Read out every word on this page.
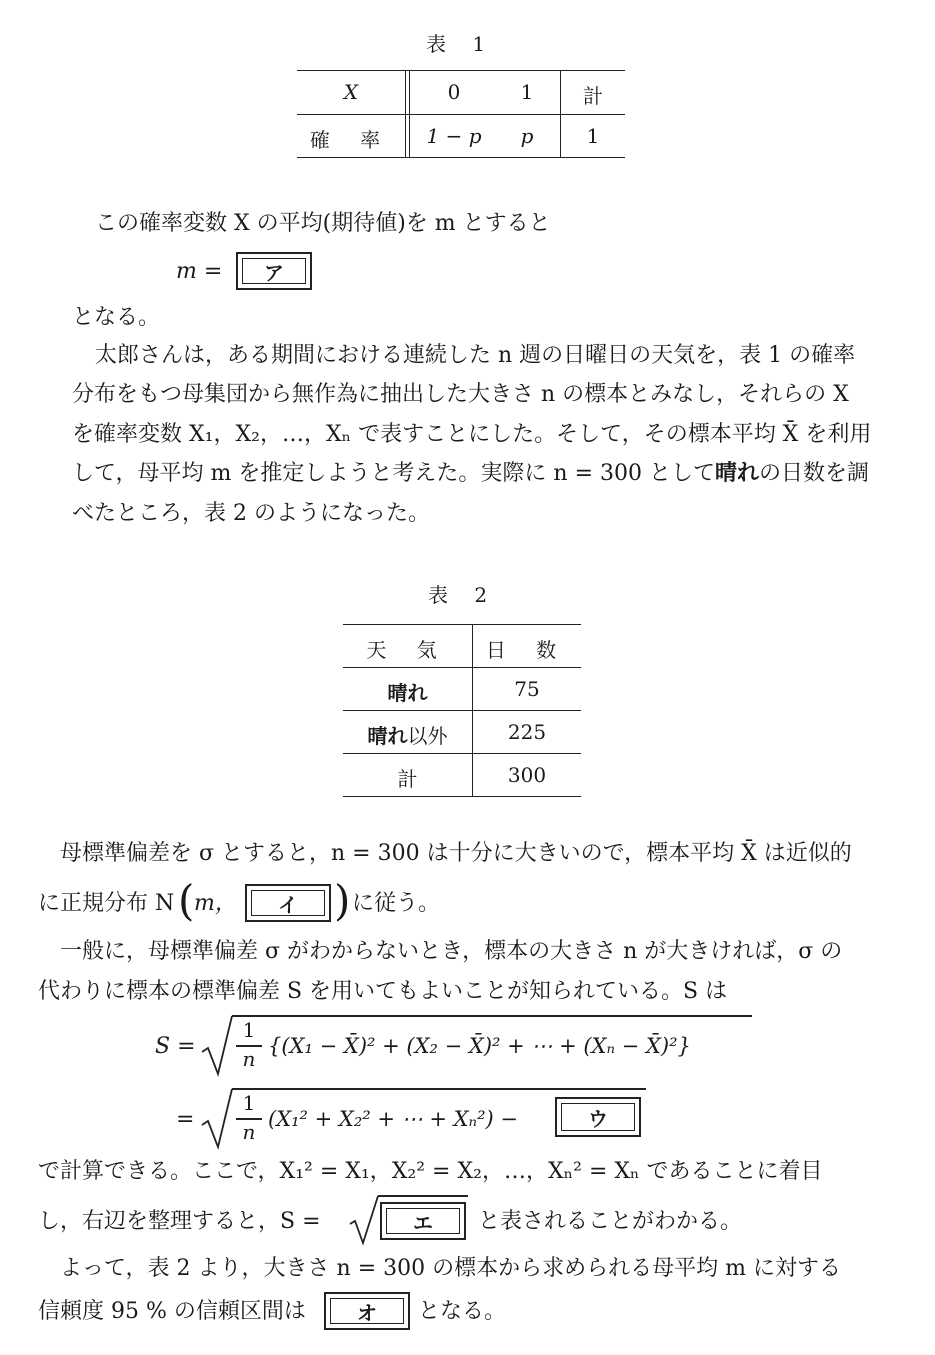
表 1
X	0	1	計
確 率	1 − p	p	1
この確率変数 X の平均(期待値)を m とすると
m =	ア
となる。
太郎さんは，ある期間における連続した n 週の日曜日の天気を，表 1 の確率
分布をもつ母集団から無作為に抽出した大きさ n の標本とみなし，それらの X
を確率変数 X₁，X₂，…，Xₙ で表すことにした。そして，その標本平均 X̄ を利用
して，母平均 m を推定しようと考えた。実際に n = 300 として晴れの日数を調
べたところ，表 2 のようになった。
表 2
天 気	日 数
晴れ	75
晴れ以外	225
計	300
母標準偏差を σ とすると，n = 300 は十分に大きいので，標本平均 X̄ は近似的
に正規分布 N ( m，	イ ) に従う。
一般に，母標準偏差 σ がわからないとき，標本の大きさ n が大きければ，σ の
代わりに標本の標準偏差 S を用いてもよいことが知られている。S は
S =
1
n
{(X₁ − X̄)² + (X₂ − X̄)² + ⋯ + (Xₙ − X̄)²}
=
1
n
(X₁² + X₂² + ⋯ + Xₙ²) −	ウ
で計算できる。ここで，X₁² = X₁，X₂² = X₂，…，Xₙ² = Xₙ であることに着目
し，右辺を整理すると，S =	エ	と表されることがわかる。
よって，表 2 より，大きさ n = 300 の標本から求められる母平均 m に対する
信頼度 95 % の信頼区間は	オ	となる。
